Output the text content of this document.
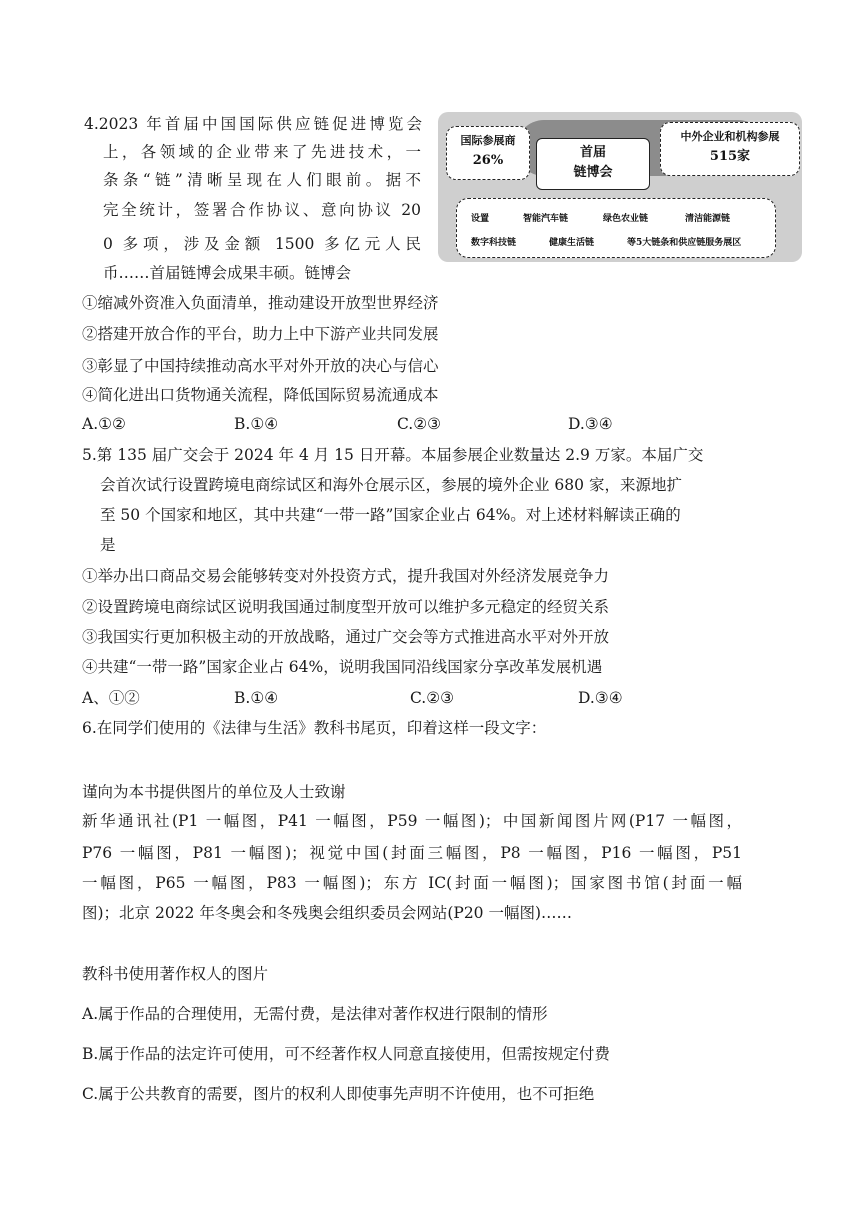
4.2023 年首届中国国际供应链促进博览会
上，各领域的企业带来了先进技术，一
条条“链”清晰呈现在人们眼前。据不
完全统计，签署合作协议、意向协议 20
0 多项，涉及金额 1500 多亿元人民
币……首届链博会成果丰硕。链博会
①缩减外资准入负面清单，推动建设开放型世界经济
②搭建开放合作的平台，助力上中下游产业共同发展
③彰显了中国持续推动高水平对外开放的决心与信心
④简化进出口货物通关流程，降低国际贸易流通成本
A.①②	B.①④	C.②③	D.③④
国际参展商
26%
首届
链博会
中外企业和机构参展
515家
设置	智能汽车链	绿色农业链	清洁能源链
数字科技链	健康生活链	等5大链条和供应链服务展区
5.第 135 届广交会于 2024 年 4 月 15 日开幕。本届参展企业数量达 2.9 万家。本届广交
会首次试行设置跨境电商综试区和海外仓展示区，参展的境外企业 680 家，来源地扩
至 50 个国家和地区，其中共建“一带一路”国家企业占 64%。对上述材料解读正确的
是
①举办出口商品交易会能够转变对外投资方式，提升我国对外经济发展竞争力
②设置跨境电商综试区说明我国通过制度型开放可以维护多元稳定的经贸关系
③我国实行更加积极主动的开放战略，通过广交会等方式推进高水平对外开放
④共建“一带一路”国家企业占 64%，说明我国同沿线国家分享改革发展机遇
A、①②	B.①④	C.②③	D.③④
6.在同学们使用的《法律与生活》教科书尾页，印着这样一段文字：
谨向为本书提供图片的单位及人士致谢
新华通讯社(P1 一幅图，P41 一幅图，P59 一幅图)；中国新闻图片网(P17 一幅图，
P76 一幅图，P81 一幅图)；视觉中国(封面三幅图，P8 一幅图，P16 一幅图，P51
一幅图，P65 一幅图，P83 一幅图)；东方 IC(封面一幅图)；国家图书馆(封面一幅
图)；北京 2022 年冬奥会和冬残奥会组织委员会网站(P20 一幅图)……
教科书使用著作权人的图片
A.属于作品的合理使用，无需付费，是法律对著作权进行限制的情形
B.属于作品的法定许可使用，可不经著作权人同意直接使用，但需按规定付费
C.属于公共教育的需要，图片的权利人即使事先声明不许使用，也不可拒绝
